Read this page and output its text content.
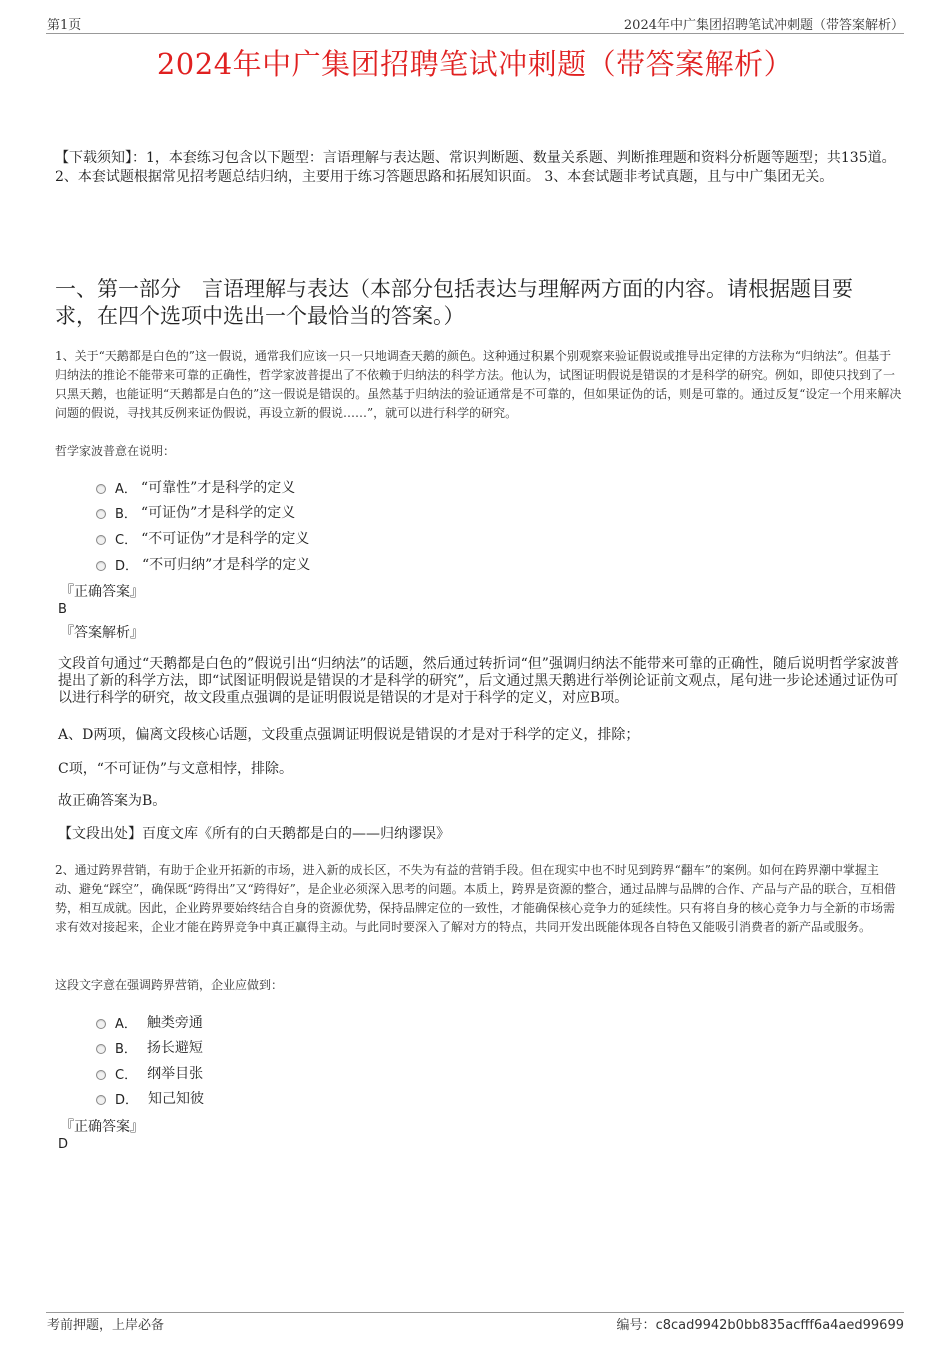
第1页	2024年中广集团招聘笔试冲刺题（带答案解析）
2024年中广集团招聘笔试冲刺题（带答案解析）
【下载须知】：1，本套练习包含以下题型：言语理解与表达题、常识判断题、数量关系题、判断推理题和资料分析题等题型；共135道。 2、本套试题根据常见招考题总结归纳，主要用于练习答题思路和拓展知识面。 3、本套试题非考试真题，且与中广集团无关。
一、第一部分　言语理解与表达（本部分包括表达与理解两方面的内容。请根据题目要求，在四个选项中选出一个最恰当的答案。）
1、关于“天鹅都是白色的”这一假说，通常我们应该一只一只地调查天鹅的颜色。这种通过积累个别观察来验证假说或推导出定律的方法称为“归纳法”。但基于归纳法的推论不能带来可靠的正确性，哲学家波普提出了不依赖于归纳法的科学方法。他认为，试图证明假说是错误的才是科学的研究。例如，即使只找到了一只黑天鹅，也能证明“天鹅都是白色的”这一假说是错误的。虽然基于归纳法的验证通常是不可靠的，但如果证伪的话，则是可靠的。通过反复“设定一个用来解决问题的假说，寻找其反例来证伪假说，再设立新的假说……”，就可以进行科学的研究。
哲学家波普意在说明：
A． “可靠性”才是科学的定义
B． “可证伪”才是科学的定义
C． “不可证伪”才是科学的定义
D． “不可归纳”才是科学的定义
『正确答案』
B
『答案解析』
文段首句通过“天鹅都是白色的”假说引出“归纳法”的话题，然后通过转折词“但”强调归纳法不能带来可靠的正确性，随后说明哲学家波普提出了新的科学方法，即“试图证明假说是错误的才是科学的研究”，后文通过黑天鹅进行举例论证前文观点，尾句进一步论述通过证伪可以进行科学的研究，故文段重点强调的是证明假说是错误的才是对于科学的定义，对应B项。
A、D两项，偏离文段核心话题，文段重点强调证明假说是错误的才是对于科学的定义，排除；
C项，“不可证伪”与文意相悖，排除。
故正确答案为B。
【文段出处】百度文库《所有的白天鹅都是白的——归纳谬误》
2、通过跨界营销，有助于企业开拓新的市场，进入新的成长区，不失为有益的营销手段。但在现实中也不时见到跨界“翻车”的案例。如何在跨界潮中掌握主动、避免“踩空”，确保既“跨得出”又“跨得好”，是企业必须深入思考的问题。本质上，跨界是资源的整合，通过品牌与品牌的合作、产品与产品的联合，互相借势，相互成就。因此，企业跨界要始终结合自身的资源优势，保持品牌定位的一致性，才能确保核心竞争力的延续性。只有将自身的核心竞争力与全新的市场需求有效对接起来，企业才能在跨界竞争中真正赢得主动。与此同时要深入了解对方的特点，共同开发出既能体现各自特色又能吸引消费者的新产品或服务。
这段文字意在强调跨界营销，企业应做到：
A． 触类旁通
B． 扬长避短
C． 纲举目张
D． 知己知彼
『正确答案』
D
考前押题，上岸必备	编号：c8cad9942b0bb835acfff6a4aed99699
